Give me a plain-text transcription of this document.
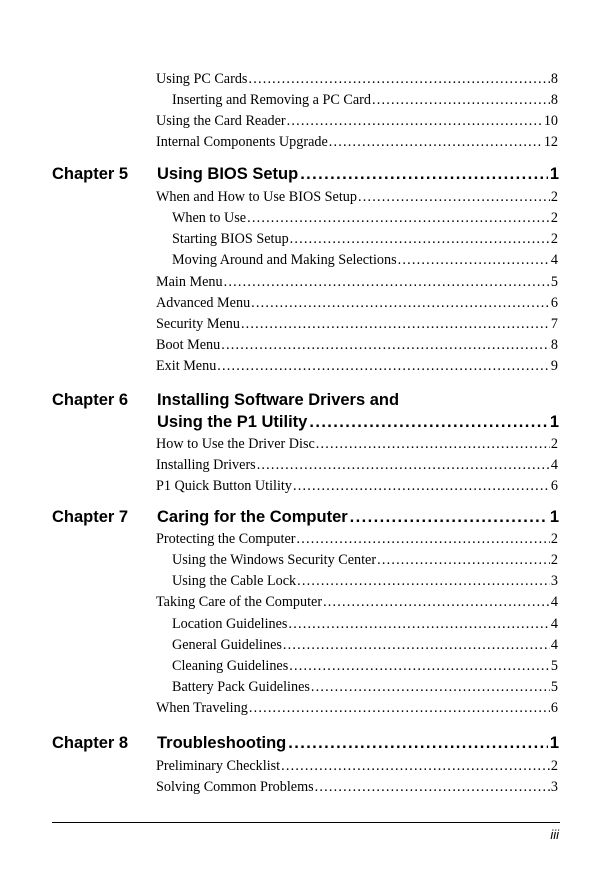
Using PC Cards .....	8
Inserting and Removing a PC Card .....	8
Using the Card Reader .....	10
Internal Components Upgrade .....	12
Chapter 5 Using BIOS Setup .....	1
When and How to Use BIOS Setup .....	2
When to Use .....	2
Starting BIOS Setup .....	2
Moving Around and Making Selections .....	4
Main Menu .....	5
Advanced Menu .....	6
Security Menu .....	7
Boot Menu .....	8
Exit Menu .....	9
Chapter 6 Installing Software Drivers and
Using the P1 Utility .....	1
How to Use the Driver Disc .....	2
Installing Drivers .....	4
P1 Quick Button Utility .....	6
Chapter 7 Caring for the Computer .....	1
Protecting the Computer .....	2
Using the Windows Security Center .....	2
Using the Cable Lock .....	3
Taking Care of the Computer .....	4
Location Guidelines .....	4
General Guidelines .....	4
Cleaning Guidelines .....	5
Battery Pack Guidelines .....	5
When Traveling .....	6
Chapter 8 Troubleshooting .....	1
Preliminary Checklist .....	2
Solving Common Problems .....	3
iii
